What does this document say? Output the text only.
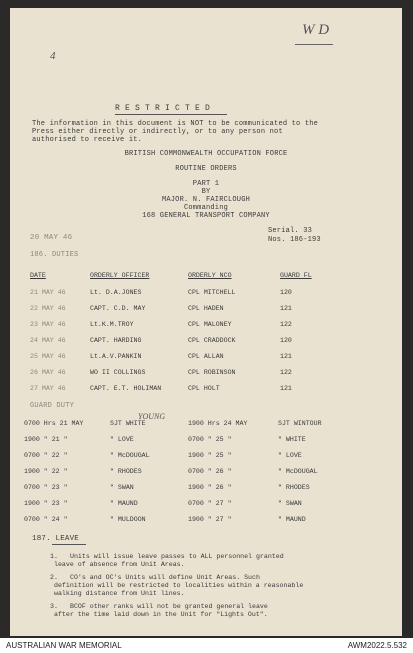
W D
4
R E S T R I C T E D
The information in this document is NOT to be communicated to the
Press either directly or indirectly, or to any person not
authorised to receive it.
BRITISH COMMONWEALTH OCCUPATION FORCE
ROUTINE ORDERS
PART 1
BY
MAJOR. N. FAIRCLOUGH
Commanding
168 GENERAL TRANSPORT COMPANY
20 MAY 46
Serial. 33
Nos. 186-193
186. DUTIES
DATE	ORDERLY OFFICER	ORDERLY NCO	GUARD FL
21 MAY 46	Lt. D.A.JONES	CPL MITCHELL	120
22 MAY 46	CAPT. C.D. MAY	CPL HADEN	121
23 MAY 46	Lt.K.M.TROY	CPL MALONEY	122
24 MAY 46	CAPT. HARDING	CPL CRADDOCK	120
25 MAY 46	Lt.A.V.PANKIN	CPL ALLAN	121
26 MAY 46	WO II COLLINGS	CPL ROBINSON	122
27 MAY 46	CAPT. E.T. HOLIMAN	CPL HOLT	121
GUARD DUTY
YOUNG
0700 Hrs 21 MAY	SJT WHITE	1900 Hrs 24 MAY	SJT WINTOUR
1900 " 21 "	" LOVE	0700 " 25 "	" WHITE
0700 " 22 "	" McDOUGAL	1900 " 25 "	" LOVE
1900 " 22 "	" RHODES	0700 " 26 "	" McDOUGAL
0700 " 23 "	" SWAN	1900 " 26 "	" RHODES
1900 " 23 "	" MAUND	0700 " 27 "	" SWAN
0700 " 24 "	" MULDOON	1900 " 27 "	" MAUND
187. LEAVE
1. Units will issue leave passes to ALL personnel granted
leave of absence from Unit Areas.
2. CO's and OC's Units will define Unit Areas. Such
definition will be restricted to localities within a reasonable
walking distance from Unit lines.
3. BCOF other ranks will not be granted general leave
after the time laid down in the Unit for "Lights Out".
AUSTRALIAN WAR MEMORIAL	AWM2022.5.532
